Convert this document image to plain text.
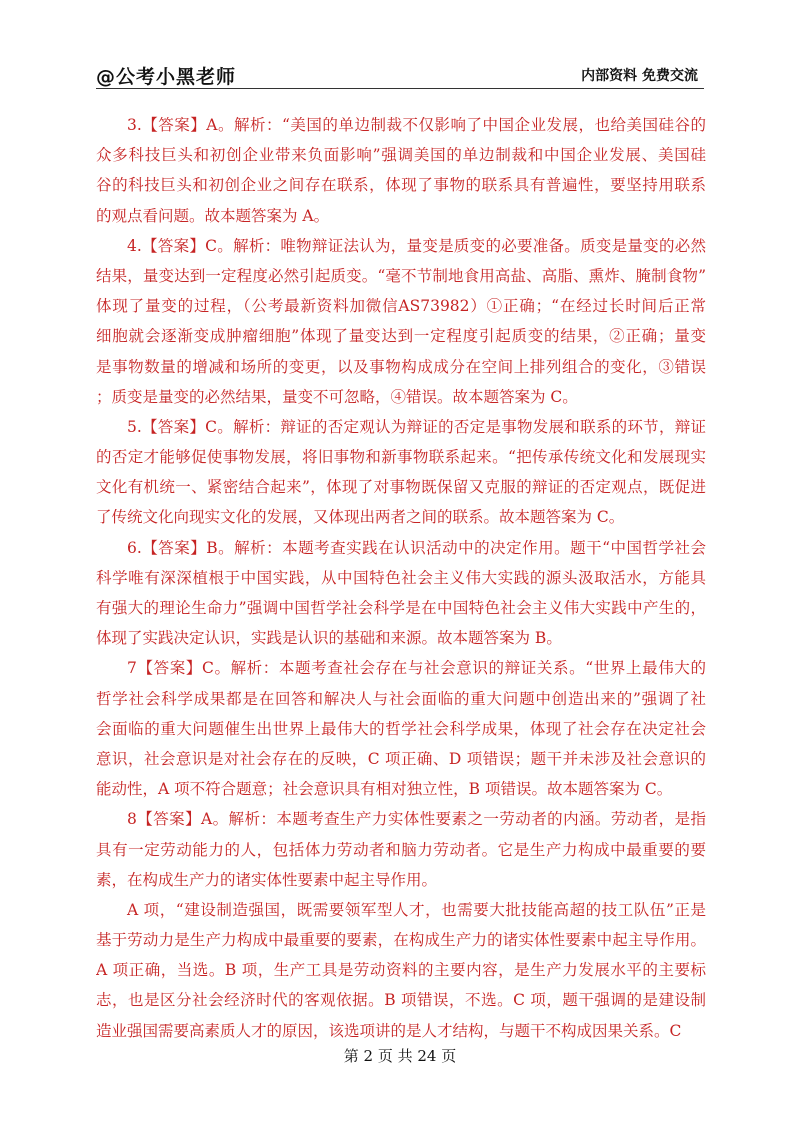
@公考小黑老师	内部资料 免费交流
3.【答案】A。解析：“美国的单边制裁不仅影响了中国企业发展，也给美国硅谷的
众多科技巨头和初创企业带来负面影响”强调美国的单边制裁和中国企业发展、美国硅
谷的科技巨头和初创企业之间存在联系，体现了事物的联系具有普遍性，要坚持用联系
的观点看问题。故本题答案为 A。
4.【答案】C。解析：唯物辩证法认为，量变是质变的必要准备。质变是量变的必然
结果，量变达到一定程度必然引起质变。“毫不节制地食用高盐、高脂、熏炸、腌制食物”
体现了量变的过程，（公考最新资料加微信AS73982）①正确；“在经过长时间后正常
细胞就会逐渐变成肿瘤细胞”体现了量变达到一定程度引起质变的结果，②正确；量变
是事物数量的增减和场所的变更，以及事物构成成分在空间上排列组合的变化，③错误
；质变是量变的必然结果，量变不可忽略，④错误。故本题答案为 C。
5.【答案】C。解析：辩证的否定观认为辩证的否定是事物发展和联系的环节，辩证
的否定才能够促使事物发展，将旧事物和新事物联系起来。“把传承传统文化和发展现实
文化有机统一、紧密结合起来”，体现了对事物既保留又克服的辩证的否定观点，既促进
了传统文化向现实文化的发展，又体现出两者之间的联系。故本题答案为 C。
6.【答案】B。解析：本题考查实践在认识活动中的决定作用。题干“中国哲学社会
科学唯有深深植根于中国实践，从中国特色社会主义伟大实践的源头汲取活水，方能具
有强大的理论生命力”强调中国哲学社会科学是在中国特色社会主义伟大实践中产生的，
体现了实践决定认识，实践是认识的基础和来源。故本题答案为 B。
7【答案】C。解析：本题考查社会存在与社会意识的辩证关系。“世界上最伟大的
哲学社会科学成果都是在回答和解决人与社会面临的重大问题中创造出来的”强调了社
会面临的重大问题催生出世界上最伟大的哲学社会科学成果，体现了社会存在决定社会
意识，社会意识是对社会存在的反映，C 项正确、D 项错误；题干并未涉及社会意识的
能动性，A 项不符合题意；社会意识具有相对独立性，B 项错误。故本题答案为 C。
8【答案】A。解析：本题考查生产力实体性要素之一劳动者的内涵。劳动者，是指
具有一定劳动能力的人，包括体力劳动者和脑力劳动者。它是生产力构成中最重要的要
素，在构成生产力的诸实体性要素中起主导作用。
A 项，“建设制造强国，既需要领军型人才，也需要大批技能高超的技工队伍”正是
基于劳动力是生产力构成中最重要的要素，在构成生产力的诸实体性要素中起主导作用。
A 项正确，当选。B 项，生产工具是劳动资料的主要内容，是生产力发展水平的主要标
志，也是区分社会经济时代的客观依据。B 项错误，不选。C 项，题干强调的是建设制
造业强国需要高素质人才的原因，该选项讲的是人才结构，与题干不构成因果关系。C
第 2 页 共 24 页
